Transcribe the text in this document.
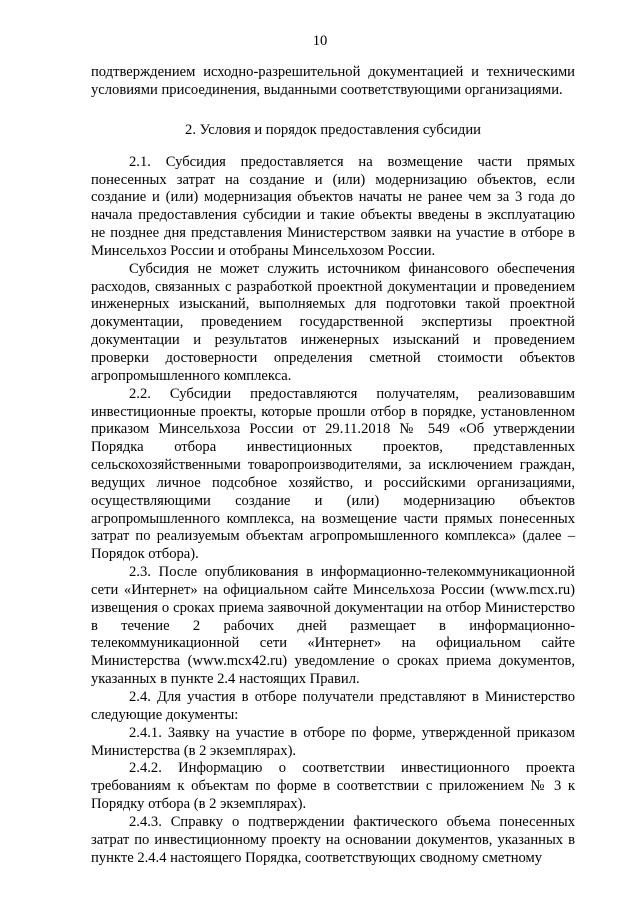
10

подтверждением исходно-разрешительной документацией и техническими условиями присоединения, выданными соответствующими организациями.

2. Условия и порядок предоставления субсидии

2.1. Субсидия предоставляется на возмещение части прямых понесенных затрат на создание и (или) модернизацию объектов, если создание и (или) модернизация объектов начаты не ранее чем за 3 года до начала предоставления субсидии и такие объекты введены в эксплуатацию не позднее дня представления Министерством заявки на участие в отборе в Минсельхоз России и отобраны Минсельхозом России.

Субсидия не может служить источником финансового обеспечения расходов, связанных с разработкой проектной документации и проведением инженерных изысканий, выполняемых для подготовки такой проектной документации, проведением государственной экспертизы проектной документации и результатов инженерных изысканий и проведением проверки достоверности определения сметной стоимости объектов агропромышленного комплекса.

2.2. Субсидии предоставляются получателям, реализовавшим инвестиционные проекты, которые прошли отбор в порядке, установленном приказом Минсельхоза России от 29.11.2018 № 549 «Об утверждении Порядка отбора инвестиционных проектов, представленных сельскохозяйственными товаропроизводителями, за исключением граждан, ведущих личное подсобное хозяйство, и российскими организациями, осуществляющими создание и (или) модернизацию объектов агропромышленного комплекса, на возмещение части прямых понесенных затрат по реализуемым объектам агропромышленного комплекса» (далее – Порядок отбора).

2.3. После опубликования в информационно-телекоммуникационной сети «Интернет» на официальном сайте Минсельхоза России (www.mcx.ru) извещения о сроках приема заявочной документации на отбор Министерство в течение 2 рабочих дней размещает в информационно-телекоммуникационной сети «Интернет» на официальном сайте Министерства (www.mcx42.ru) уведомление о сроках приема документов, указанных в пункте 2.4 настоящих Правил.

2.4. Для участия в отборе получатели представляют в Министерство следующие документы:

2.4.1. Заявку на участие в отборе по форме, утвержденной приказом Министерства (в 2 экземплярах).

2.4.2. Информацию о соответствии инвестиционного проекта требованиям к объектам по форме в соответствии с приложением № 3 к Порядку отбора (в 2 экземплярах).

2.4.3. Справку о подтверждении фактического объема понесенных затрат по инвестиционному проекту на основании документов, указанных в пункте 2.4.4 настоящего Порядка, соответствующих сводному сметному
